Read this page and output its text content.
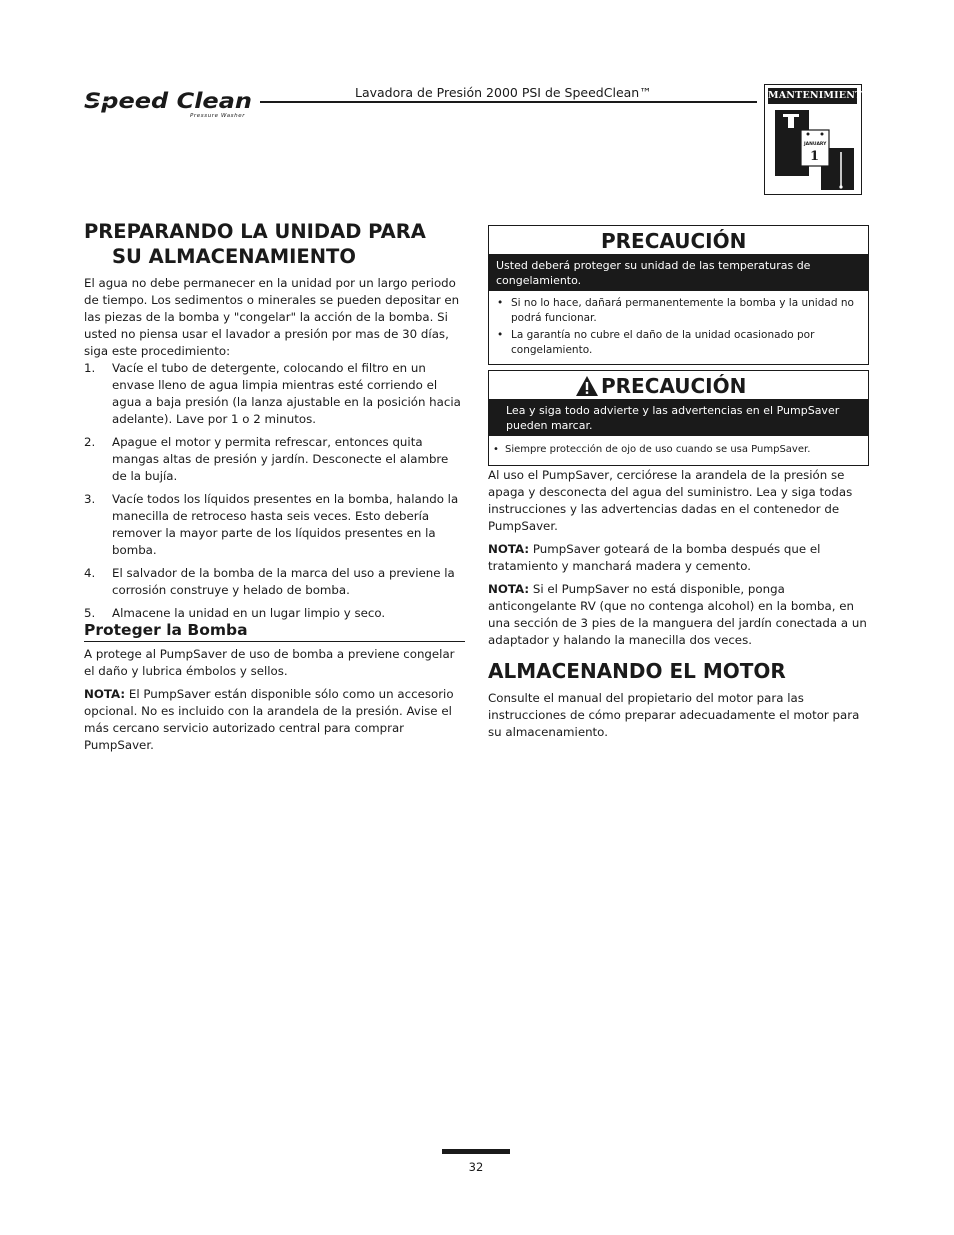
Speed Clean
Pressure Washer
Lavadora de Presión 2000 PSI de SpeedClean™	MANTENIMIENTO
JANUARY
1
PREPARANDO LA UNIDAD PARA
SU ALMACENAMIENTO

El agua no debe permanecer en la unidad por un largo periodo de tiempo. Los sedimentos o minerales se pueden depositar en las piezas de la bomba y "congelar" la acción de la bomba. Si usted no piensa usar el lavador a presión por mas de 30 días, siga este procedimiento:

1. Vacíe el tubo de detergente, colocando el filtro en un envase lleno de agua limpia mientras esté corriendo el agua a baja presión (la lanza ajustable en la posición hacia adelante). Lave por 1 o 2 minutos.
2. Apague el motor y permita refrescar, entonces quita mangas altas de presión y jardín. Desconecte el alambre de la bujía.
3. Vacíe todos los líquidos presentes en la bomba, halando la manecilla de retroceso hasta seis veces. Esto debería remover la mayor parte de los líquidos presentes en la bomba.
4. El salvador de la bomba de la marca del uso a previene la corrosión construye y helado de bomba.
5. Almacene la unidad en un lugar limpio y seco.
Proteger la Bomba

A protege al PumpSaver de uso de bomba a previene congelar el daño y lubrica émbolos y sellos.

NOTA: El PumpSaver están disponible sólo como un accesorio opcional. No es incluido con la arandela de la presión. Avise el más cercano servicio autorizado central para comprar PumpSaver.

PRECAUCIÓN
Usted deberá proteger su unidad de las temperaturas de congelamiento.
• Si no lo hace, dañará permanentemente la bomba y la unidad no podrá funcionar.
• La garantía no cubre el daño de la unidad ocasionado por congelamiento.
PRECAUCIÓN
Lea y siga todo advierte y las advertencias en el PumpSaver pueden marcar.
• Siempre protección de ojo de uso cuando se usa PumpSaver.

Al uso el PumpSaver, cerciórese la arandela de la presión se apaga y desconecta del agua del suministro. Lea y siga todas instrucciones y las advertencias dadas en el contenedor de PumpSaver.

NOTA: PumpSaver goteará de la bomba después que el tratamiento y manchará madera y cemento.

NOTA: Si el PumpSaver no está disponible, ponga anticongelante RV (que no contenga alcohol) en la bomba, en una sección de 3 pies de la manguera del jardín conectada a un adaptador y halando la manecilla dos veces.

ALMACENANDO EL MOTOR

Consulte el manual del propietario del motor para las instrucciones de cómo preparar adecuadamente el motor para su almacenamiento.

32
